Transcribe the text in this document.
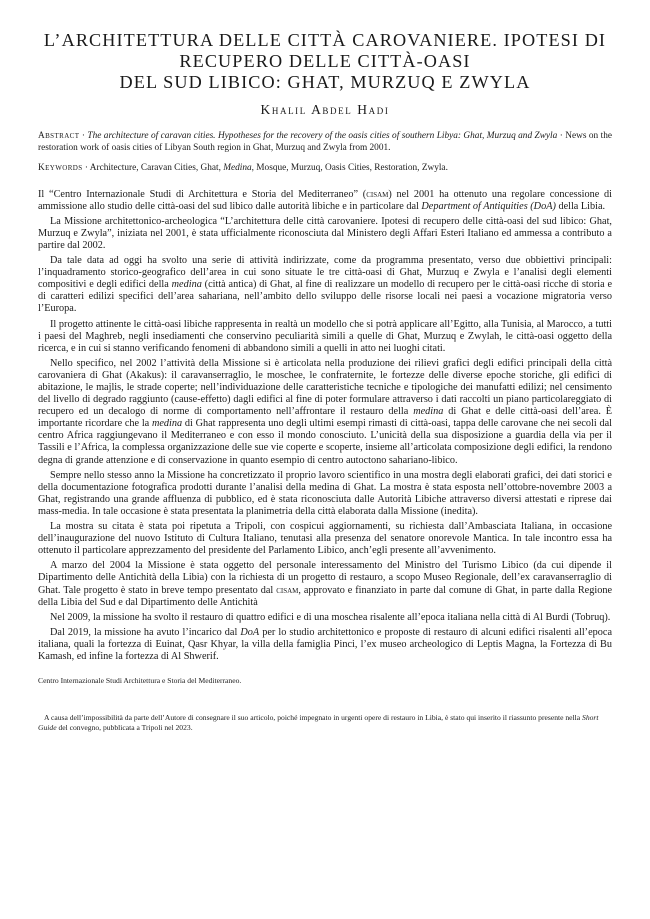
L’ARCHITETTURA DELLE CITTÀ CAROVANIERE. IPOTESI DI
RECUPERO DELLE CITTÀ-OASI
DEL SUD LIBICO: GHAT, MURZUQ E ZWYLA
Khalil Abdel Hadi
Abstract · The architecture of caravan cities. Hypotheses for the recovery of the oasis cities of southern Libya: Ghat, Murzuq and Zwyla · News on the restoration work of oasis cities of Libyan South region in Ghat, Murzuq and Zwyla from 2001.
Keywords · Architecture, Caravan Cities, Ghat, Medina, Mosque, Murzuq, Oasis Cities, Restoration, Zwyla.

Il “Centro Internazionale Studi di Architettura e Storia del Mediterraneo” (cisam) nel 2001 ha ottenuto una regolare concessione di ammissione allo studio delle città-oasi del sud libico dalle autorità libiche e in particolare dal Department of Antiquities (DoA) della Libia.

La Missione architettonico-archeologica “L’architettura delle città carovaniere. Ipotesi di recupero delle città-oasi del sud libico: Ghat, Murzuq e Zwyla”, iniziata nel 2001, è stata ufficialmente riconosciuta dal Ministero degli Affari Esteri Italiano ed ammessa a contributo a partire dal 2002.

Da tale data ad oggi ha svolto una serie di attività indirizzate, come da programma presentato, verso due obbiettivi principali: l’inquadramento storico-geografico dell’area in cui sono situate le tre città-oasi di Ghat, Murzuq e Zwyla e l’analisi degli elementi compositivi e degli edifici della medina (città antica) di Ghat, al fine di realizzare un modello di recupero per le città-oasi ricche di storia e di caratteri edilizi specifici dell’area sahariana, nell’ambito dello sviluppo delle risorse locali nei paesi a vocazione migratoria verso l’Europa.

Il progetto attinente le città-oasi libiche rappresenta in realtà un modello che si potrà applicare all’Egitto, alla Tunisia, al Marocco, a tutti i paesi del Maghreb, negli insediamenti che conservino peculiarità simili a quelle di Ghat, Murzuq e Zwylah, le città-oasi oggetto della ricerca, e in cui si stanno verificando fenomeni di abbandono simili a quelli in atto nei luoghi citati.

Nello specifico, nel 2002 l’attività della Missione si è articolata nella produzione dei rilievi grafici degli edifici principali della città carovaniera di Ghat (Akakus): il caravanserraglio, le moschee, le confraternite, le fortezze delle diverse epoche storiche, gli edifici di abitazione, le majlis, le strade coperte; nell’individuazione delle caratteristiche tecniche e tipologiche dei manufatti edilizi; nel censimento del livello di degrado raggiunto (cause-effetto) dagli edifici al fine di poter formulare attraverso i dati raccolti un piano particolareggiato di recupero ed un decalogo di norme di comportamento nell’affrontare il restauro della medina di Ghat e delle città-oasi dell’area. È importante ricordare che la medina di Ghat rappresenta uno degli ultimi esempi rimasti di città-oasi, tappa delle carovane che nei secoli dal centro Africa raggiungevano il Mediterraneo e con esso il mondo conosciuto. L’unicità della sua disposizione a guardia della via per il Tassili e l’Africa, la complessa organizzazione delle sue vie coperte e scoperte, insieme all’articolata composizione degli edifici, la rendono degna di grande attenzione e di conservazione in quanto esempio di centro autoctono sahariano-libico.

Sempre nello stesso anno la Missione ha concretizzato il proprio lavoro scientifico in una mostra degli elaborati grafici, dei dati storici e della documentazione fotografica prodotti durante l’analisi della medina di Ghat. La mostra è stata esposta nell’ottobre-novembre 2003 a Ghat, registrando una grande affluenza di pubblico, ed è stata riconosciuta dalle Autorità Libiche attraverso diversi attestati e riprese dai mass-media. In tale occasione è stata presentata la planimetria della città elaborata dalla Missione (inedita).

La mostra su citata è stata poi ripetuta a Tripoli, con cospicui aggiornamenti, su richiesta dall’Ambasciata Italiana, in occasione dell’inaugurazione del nuovo Istituto di Cultura Italiano, tenutasi alla presenza del senatore onorevole Mantica. In tale incontro essa ha ottenuto il particolare apprezzamento del presidente del Parlamento Libico, anch’egli presente all’avvenimento.

A marzo del 2004 la Missione è stata oggetto del personale interessamento del Ministro del Turismo Libico (da cui dipende il Dipartimento delle Antichità della Libia) con la richiesta di un progetto di restauro, a scopo Museo Regionale, dell’ex caravanserraglio di Ghat. Tale progetto è stato in breve tempo presentato dal cisam, approvato e finanziato in parte dal comune di Ghat, in parte dalla Regione della Libia del Sud e dal Dipartimento delle Antichità

Nel 2009, la missione ha svolto il restauro di quattro edifici e di una moschea risalente all’epoca italiana nella città di Al Burdi (Tobruq).

Dal 2019, la missione ha avuto l’incarico dal DoA per lo studio architettonico e proposte di restauro di alcuni edifici risalenti all’epoca italiana, quali la fortezza di Euinat, Qasr Khyar, la villa della famiglia Pinci, l’ex museo archeologico di Leptis Magna, la Fortezza di Bu Kamash, ed infine la fortezza di Al Shwerif.

Centro Internazionale Studi Architettura e Storia del Mediterraneo.
A causa dell’impossibilità da parte dell’Autore di consegnare il suo articolo, poiché impegnato in urgenti opere di restauro in Libia, è stato qui inserito il riassunto presente nella Short Guide del convegno, pubblicata a Tripoli nel 2023.
